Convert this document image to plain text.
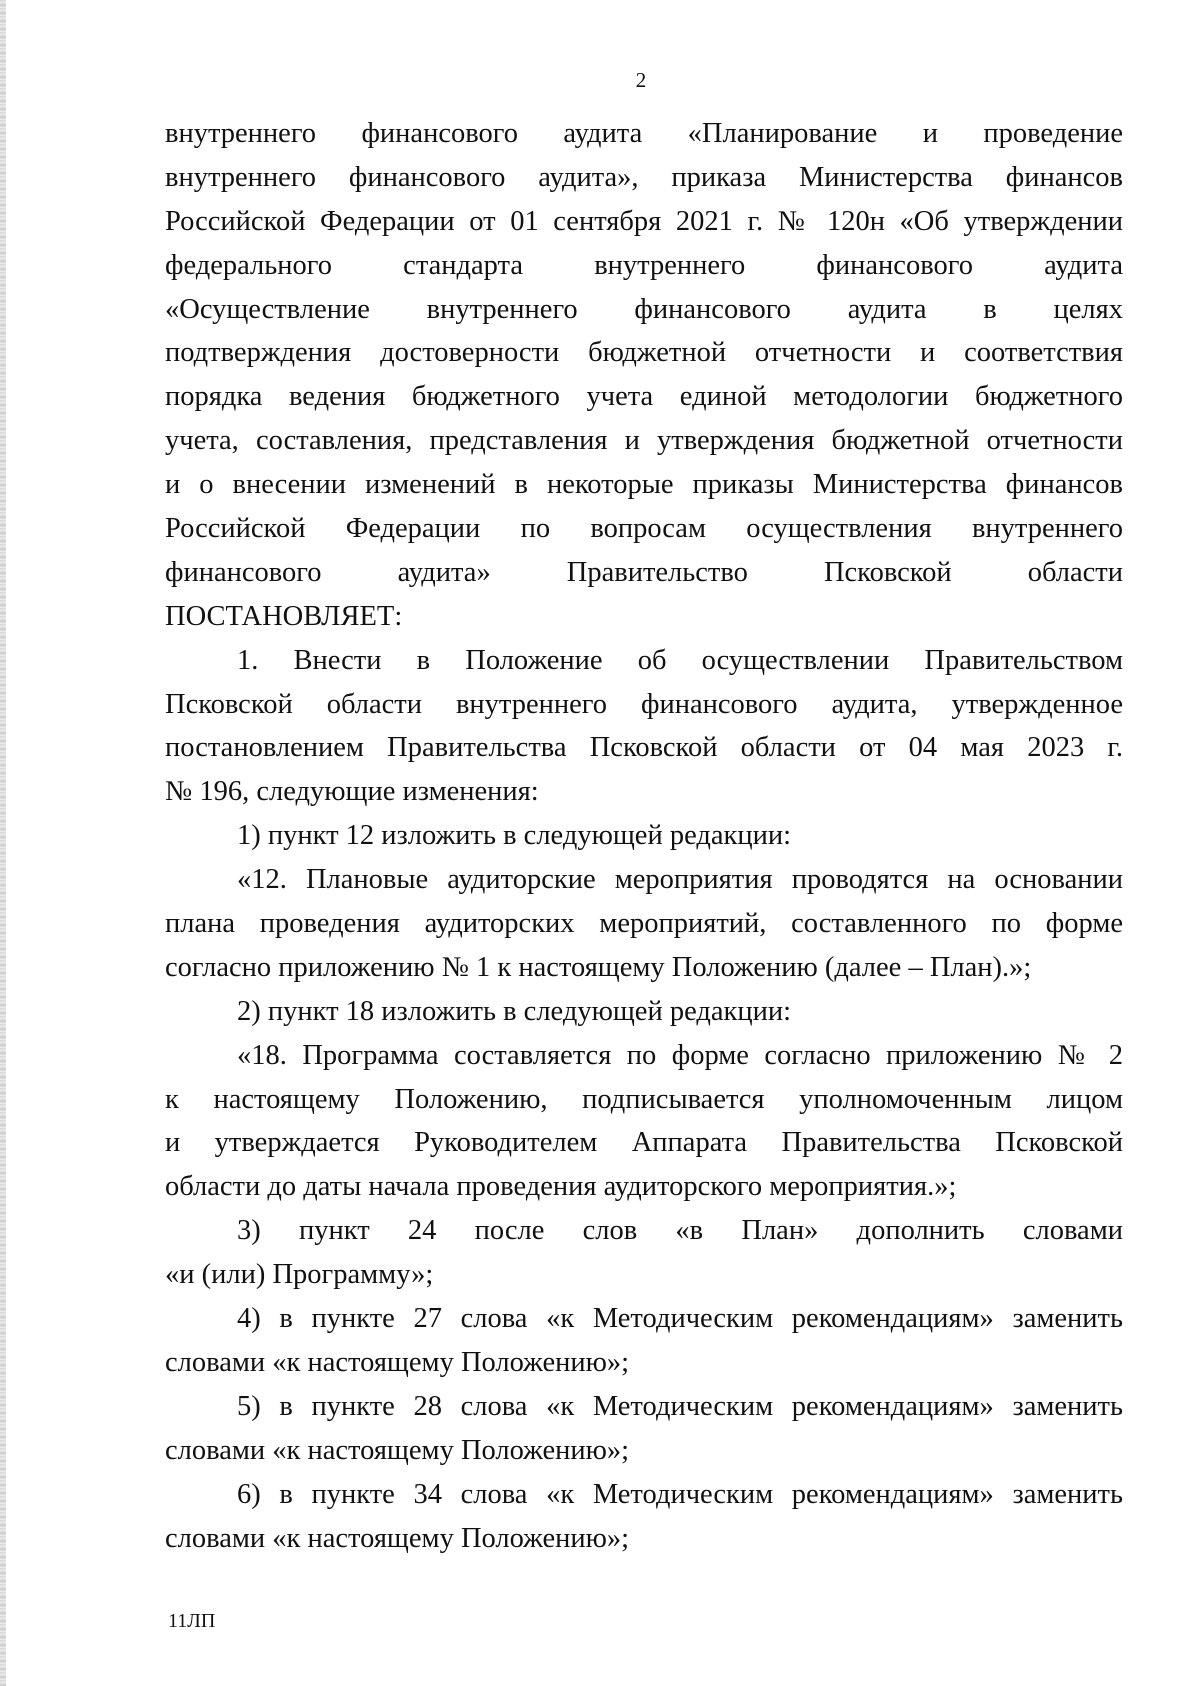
2
внутреннего финансового аудита «Планирование и проведение
внутреннего финансового аудита», приказа Министерства финансов
Российской Федерации от 01 сентября 2021 г. № 120н «Об утверждении
федерального стандарта внутреннего финансового аудита
«Осуществление внутреннего финансового аудита в целях
подтверждения достоверности бюджетной отчетности и соответствия
порядка ведения бюджетного учета единой методологии бюджетного
учета, составления, представления и утверждения бюджетной отчетности
и о внесении изменений в некоторые приказы Министерства финансов
Российской Федерации по вопросам осуществления внутреннего
финансового аудита» Правительство Псковской области
ПОСТАНОВЛЯЕТ:
1. Внести в Положение об осуществлении Правительством
Псковской области внутреннего финансового аудита, утвержденное
постановлением Правительства Псковской области от 04 мая 2023 г.
№ 196, следующие изменения:
1) пункт 12 изложить в следующей редакции:
«12. Плановые аудиторские мероприятия проводятся на основании
плана проведения аудиторских мероприятий, составленного по форме
согласно приложению № 1 к настоящему Положению (далее – План).»;
2) пункт 18 изложить в следующей редакции:
«18. Программа составляется по форме согласно приложению № 2
к настоящему Положению, подписывается уполномоченным лицом
и утверждается Руководителем Аппарата Правительства Псковской
области до даты начала проведения аудиторского мероприятия.»;
3) пункт 24 после слов «в План» дополнить словами
«и (или) Программу»;
4) в пункте 27 слова «к Методическим рекомендациям» заменить
словами «к настоящему Положению»;
5) в пункте 28 слова «к Методическим рекомендациям» заменить
словами «к настоящему Положению»;
6) в пункте 34 слова «к Методическим рекомендациям» заменить
словами «к настоящему Положению»;
11ЛП
